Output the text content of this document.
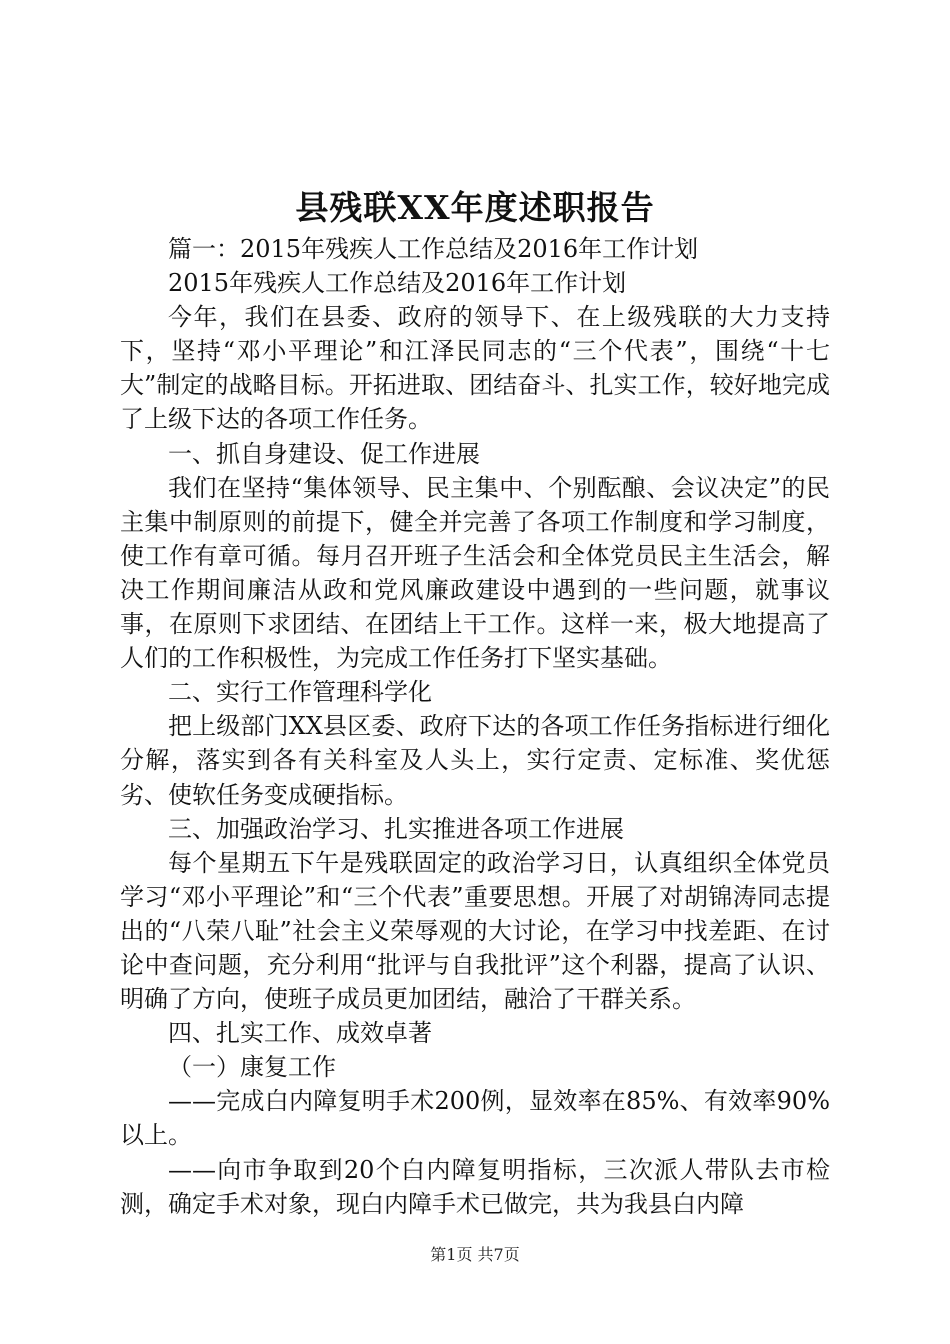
县残联XX年度述职报告

篇一：2015年残疾人工作总结及2016年工作计划

2015年残疾人工作总结及2016年工作计划

今年，我们在县委、政府的领导下、在上级残联的大力支持下，坚持“邓小平理论”和江泽民同志的“三个代表”，围绕“十七大”制定的战略目标。开拓进取、团结奋斗、扎实工作，较好地完成了上级下达的各项工作任务。

一、抓自身建设、促工作进展

我们在坚持“集体领导、民主集中、个别酝酿、会议决定”的民主集中制原则的前提下，健全并完善了各项工作制度和学习制度，使工作有章可循。每月召开班子生活会和全体党员民主生活会，解决工作期间廉洁从政和党风廉政建设中遇到的一些问题，就事议事，在原则下求团结、在团结上干工作。这样一来，极大地提高了人们的工作积极性，为完成工作任务打下坚实基础。

二、实行工作管理科学化

把上级部门XX县区委、政府下达的各项工作任务指标进行细化分解，落实到各有关科室及人头上，实行定责、定标准、奖优惩劣、使软任务变成硬指标。

三、加强政治学习、扎实推进各项工作进展

每个星期五下午是残联固定的政治学习日，认真组织全体党员学习“邓小平理论”和“三个代表”重要思想。开展了对胡锦涛同志提出的“八荣八耻”社会主义荣辱观的大讨论，在学习中找差距、在讨论中查问题，充分利用“批评与自我批评”这个利器，提高了认识、明确了方向，使班子成员更加团结，融洽了干群关系。

四、扎实工作、成效卓著

（一）康复工作

——完成白内障复明手术200例，显效率在85%、有效率90%以上。

——向市争取到20个白内障复明指标，三次派人带队去市检测，确定手术对象，现白内障手术已做完，共为我县白内障

第1页 共7页
